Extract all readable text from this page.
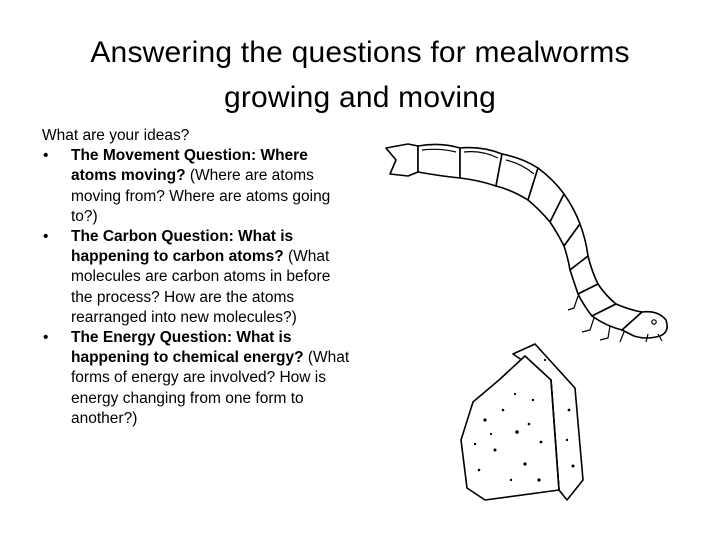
Answering the questions for mealworms
growing and moving
What are your ideas?
• The Movement Question: Where atoms moving? (Where are atoms moving from? Where are atoms going to?)
• The Carbon Question: What is happening to carbon atoms? (What molecules are carbon atoms in before the process? How are the atoms rearranged into new molecules?)
• The Energy Question: What is happening to chemical energy? (What forms of energy are involved? How is energy changing from one form to another?)
